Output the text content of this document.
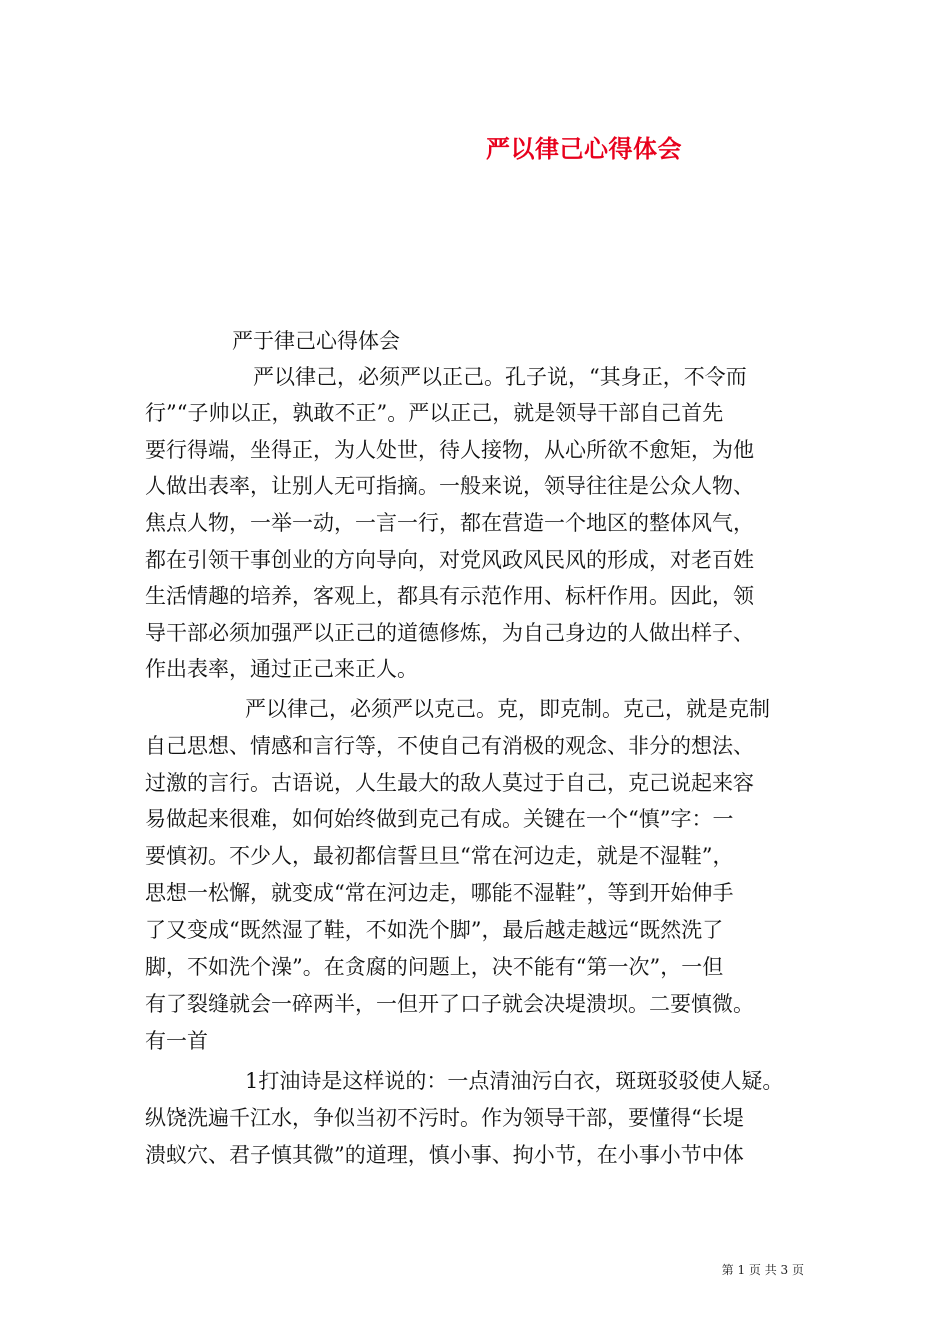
严以律己心得体会
严于律己心得体会
严以律己，必须严以正己。孔子说，“其身正，不令而
行”“子帅以正，孰敢不正”。严以正己，就是领导干部自己首先
要行得端，坐得正，为人处世，待人接物，从心所欲不愈矩，为他
人做出表率，让别人无可指摘。一般来说，领导往往是公众人物、
焦点人物，一举一动，一言一行，都在营造一个地区的整体风气，
都在引领干事创业的方向导向，对党风政风民风的形成，对老百姓
生活情趣的培养，客观上，都具有示范作用、标杆作用。因此，领
导干部必须加强严以正己的道德修炼，为自己身边的人做出样子、
作出表率，通过正己来正人。
严以律己，必须严以克己。克，即克制。克己，就是克制
自己思想、情感和言行等，不使自己有消极的观念、非分的想法、
过激的言行。古语说，人生最大的敌人莫过于自己，克己说起来容
易做起来很难，如何始终做到克己有成。关键在一个“慎”字：一
要慎初。不少人，最初都信誓旦旦“常在河边走，就是不湿鞋”，
思想一松懈，就变成“常在河边走，哪能不湿鞋”，等到开始伸手
了又变成“既然湿了鞋，不如洗个脚”，最后越走越远“既然洗了
脚，不如洗个澡”。在贪腐的问题上，决不能有“第一次”，一但
有了裂缝就会一碎两半，一但开了口子就会决堤溃坝。二要慎微。
有一首
1打油诗是这样说的：一点清油污白衣，斑斑驳驳使人疑。
纵饶洗遍千江水，争似当初不污时。作为领导干部，要懂得“长堤
溃蚁穴、君子慎其微”的道理，慎小事、拘小节，在小事小节中体
第 1 页 共 3 页
